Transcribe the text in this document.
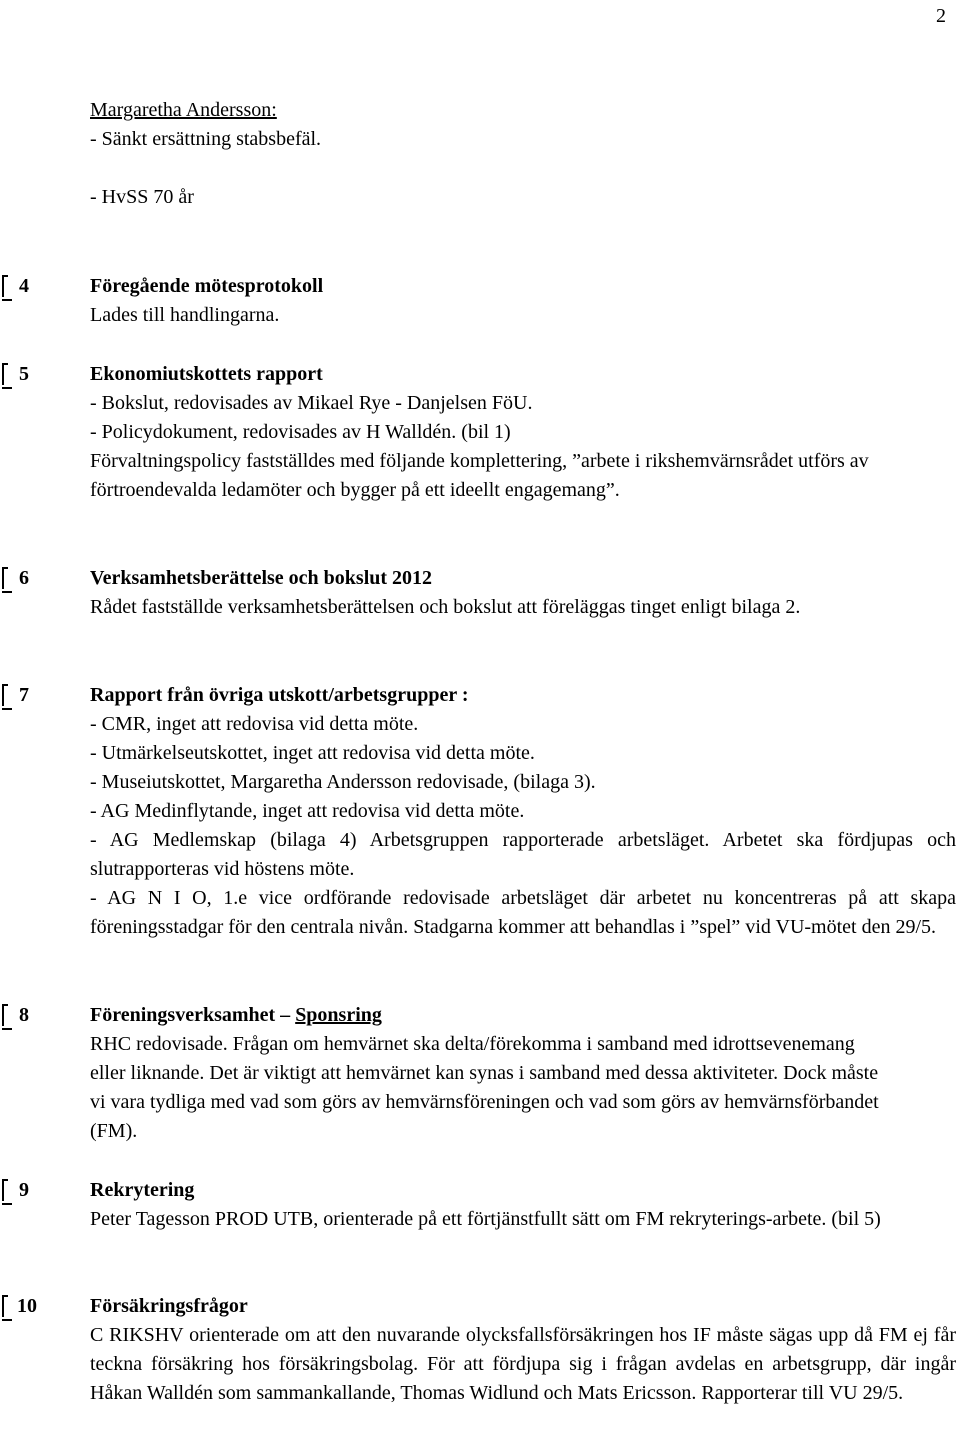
2
Margaretha Andersson:
- Sänkt ersättning stabsbefäl.
- HvSS 70 år
4	Föregående mötesprotokoll
Lades till handlingarna.
5	Ekonomiutskottets rapport
- Bokslut, redovisades av Mikael Rye - Danjelsen FöU.
- Policydokument, redovisades av H Walldén. (bil 1)
Förvaltningspolicy fastställdes med följande komplettering, ”arbete i rikshemvärnsrådet utförs av förtroendevalda ledamöter och bygger på ett ideellt engagemang”.
6	Verksamhetsberättelse och bokslut 2012
Rådet fastställde verksamhetsberättelsen och bokslut att föreläggas tinget enligt bilaga 2.
7	Rapport från övriga utskott/arbetsgrupper :
- CMR, inget att redovisa vid detta möte.
- Utmärkelseutskottet, inget att redovisa vid detta möte.
- Museiutskottet, Margaretha Andersson redovisade, (bilaga 3).
- AG Medinflytande, inget att redovisa vid detta möte.
- AG Medlemskap (bilaga 4) Arbetsgruppen rapporterade arbetsläget. Arbetet ska fördjupas och slutrapporteras vid höstens möte.
- AG N I O, 1.e vice ordförande redovisade arbetsläget där arbetet nu koncentreras på att skapa föreningsstadgar för den centrala nivån. Stadgarna kommer att behandlas i ”spel” vid VU-mötet den 29/5.
8	Föreningsverksamhet – Sponsring
RHC redovisade. Frågan om hemvärnet ska delta/förekomma i samband med idrottsevenemang eller liknande. Det är viktigt att hemvärnet kan synas i samband med dessa aktiviteter. Dock måste vi vara tydliga med vad som görs av hemvärnsföreningen och vad som görs av hemvärnsförbandet (FM).
9	Rekrytering
Peter Tagesson PROD UTB, orienterade på ett förtjänstfullt sätt om FM rekryterings-arbete. (bil 5)
10	Försäkringsfrågor
C RIKSHV orienterade om att den nuvarande olycksfallsförsäkringen hos IF måste sägas upp då FM ej får teckna försäkring hos försäkringsbolag. För att fördjupa sig i frågan avdelas en arbetsgrupp, där ingår Håkan Walldén som sammankallande, Thomas Widlund och Mats Ericsson. Rapporterar till VU 29/5.
